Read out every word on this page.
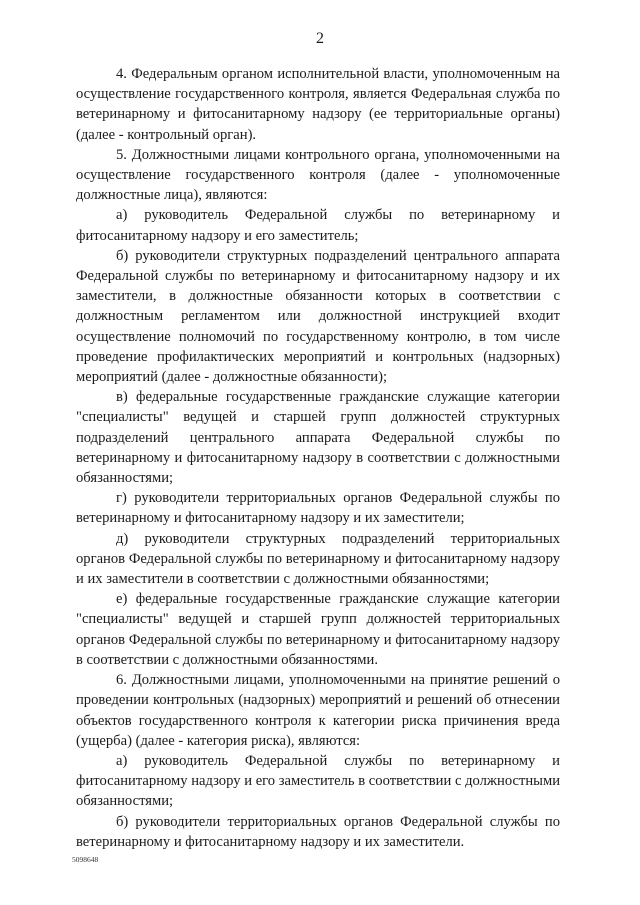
2

4. Федеральным органом исполнительной власти, уполномоченным на осуществление государственного контроля, является Федеральная служба по ветеринарному и фитосанитарному надзору (ее территориальные органы) (далее - контрольный орган).

5. Должностными лицами контрольного органа, уполномоченными на осуществление государственного контроля (далее - уполномоченные должностные лица), являются:

а) руководитель Федеральной службы по ветеринарному и фитосанитарному надзору и его заместитель;

б) руководители структурных подразделений центрального аппарата Федеральной службы по ветеринарному и фитосанитарному надзору и их заместители, в должностные обязанности которых в соответствии с должностным регламентом или должностной инструкцией входит осуществление полномочий по государственному контролю, в том числе проведение профилактических мероприятий и контрольных (надзорных) мероприятий (далее - должностные обязанности);

в) федеральные государственные гражданские служащие категории "специалисты" ведущей и старшей групп должностей структурных подразделений центрального аппарата Федеральной службы по ветеринарному и фитосанитарному надзору в соответствии с должностными обязанностями;

г) руководители территориальных органов Федеральной службы по ветеринарному и фитосанитарному надзору и их заместители;

д) руководители структурных подразделений территориальных органов Федеральной службы по ветеринарному и фитосанитарному надзору и их заместители в соответствии с должностными обязанностями;

е) федеральные государственные гражданские служащие категории "специалисты" ведущей и старшей групп должностей территориальных органов Федеральной службы по ветеринарному и фитосанитарному надзору в соответствии с должностными обязанностями.

6. Должностными лицами, уполномоченными на принятие решений о проведении контрольных (надзорных) мероприятий и решений об отнесении объектов государственного контроля к категории риска причинения вреда (ущерба) (далее - категория риска), являются:

а) руководитель Федеральной службы по ветеринарному и фитосанитарному надзору и его заместитель в соответствии с должностными обязанностями;

б) руководители территориальных органов Федеральной службы по ветеринарному и фитосанитарному надзору и их заместители.

5098648
